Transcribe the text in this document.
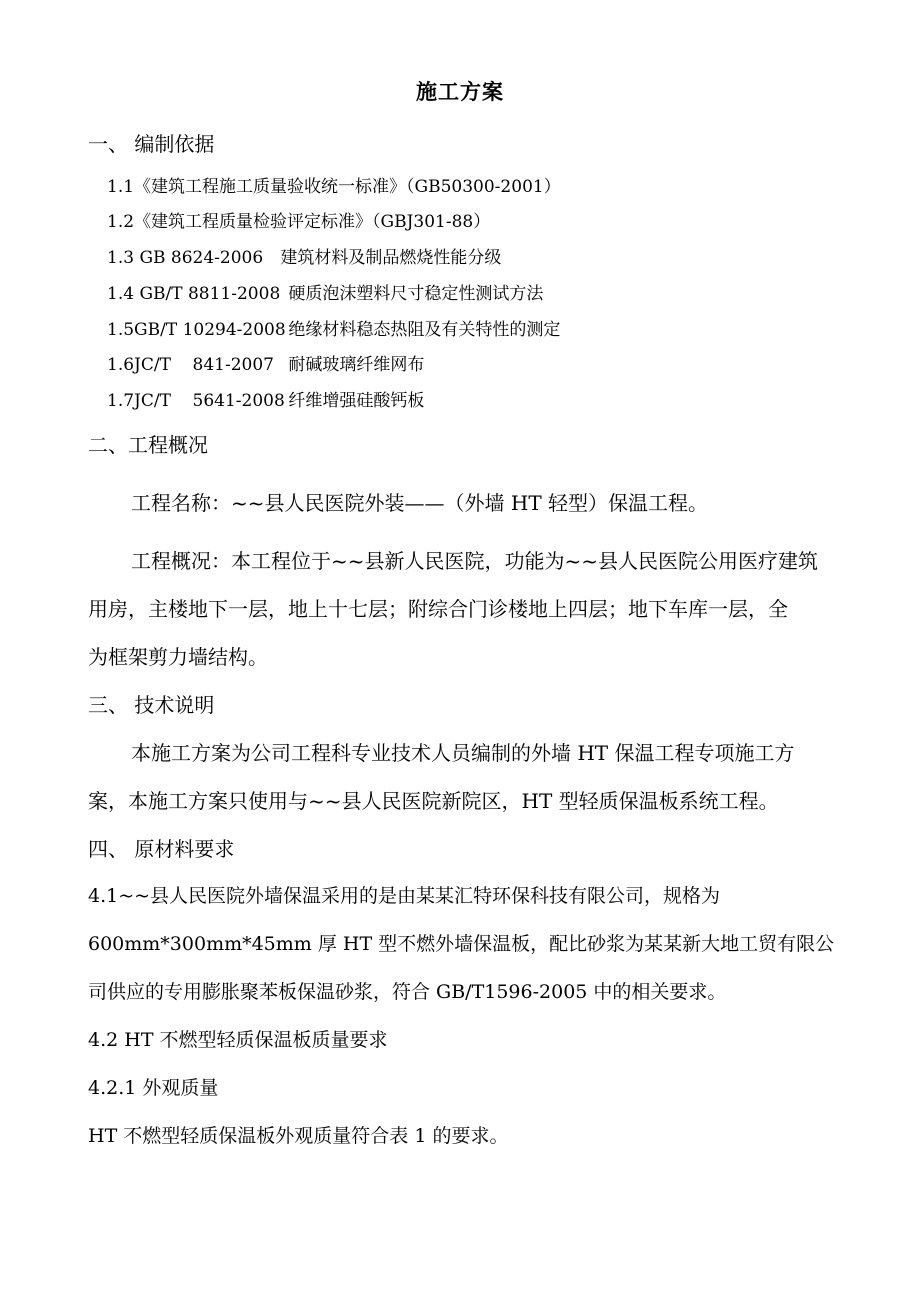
施工方案
一、 编制依据
1.1《建筑工程施工质量验收统一标准》（GB50300-2001）
1.2《建筑工程质量检验评定标准》（GBJ301-88）
1.3 GB 8624-2006 建筑材料及制品燃烧性能分级
1.4 GB/T 8811-2008 硬质泡沫塑料尺寸稳定性测试方法
1.5GB/T 10294-2008 绝缘材料稳态热阻及有关特性的测定
1.6JC/T    841-2007 耐碱玻璃纤维网布
1.7JC/T    5641-2008 纤维增强硅酸钙板
二、工程概况
工程名称：~~县人民医院外装——（外墙 HT 轻型）保温工程。
工程概况：本工程位于~~县新人民医院，功能为~~县人民医院公用医疗建筑
用房，主楼地下一层，地上十七层；附综合门诊楼地上四层；地下车库一层，全
为框架剪力墙结构。
三、 技术说明
本施工方案为公司工程科专业技术人员编制的外墙 HT 保温工程专项施工方
案，本施工方案只使用与~~县人民医院新院区，HT 型轻质保温板系统工程。
四、 原材料要求
4.1~~县人民医院外墙保温采用的是由某某汇特环保科技有限公司，规格为
600mm*300mm*45mm 厚 HT 型不燃外墙保温板，配比砂浆为某某新大地工贸有限公
司供应的专用膨胀聚苯板保温砂浆，符合 GB/T1596-2005 中的相关要求。
4.2 HT 不燃型轻质保温板质量要求
4.2.1 外观质量
HT 不燃型轻质保温板外观质量符合表 1 的要求。
